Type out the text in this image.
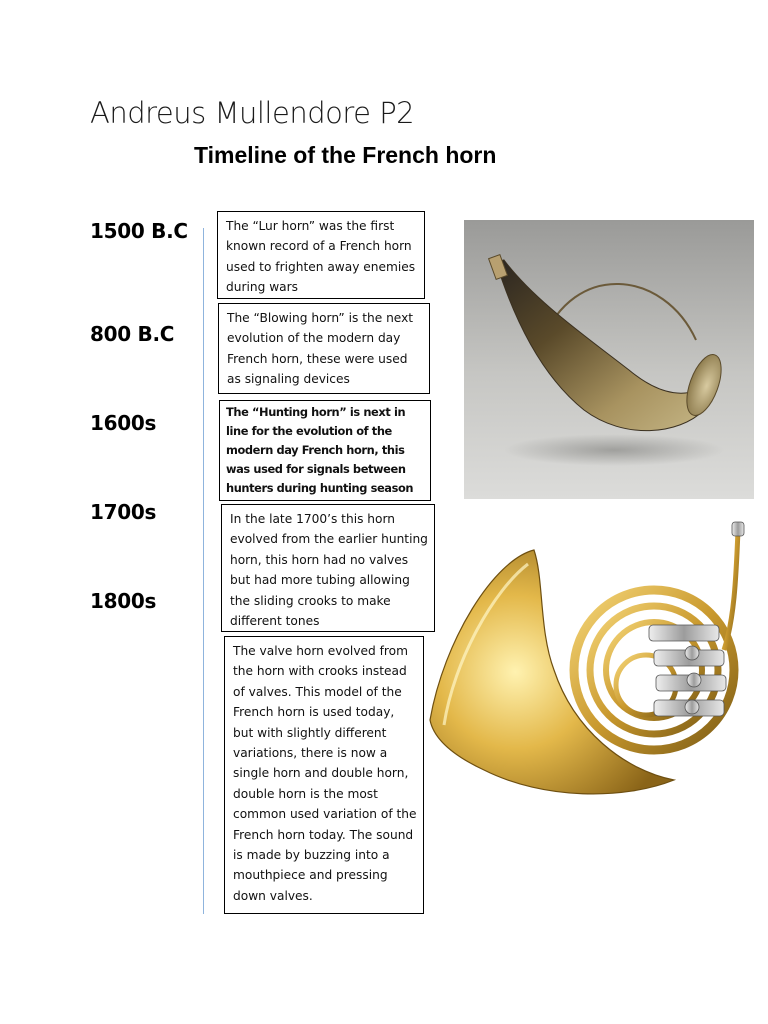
Andreus Mullendore P2
Timeline of the French horn
1500 B.C
800 B.C
1600s
1700s
1800s
The “Lur horn” was the first known record of a French horn used to frighten away enemies during wars
The “Blowing horn” is the next evolution of the modern day French horn, these were used as signaling devices
The “Hunting horn” is next in line for the evolution of the modern day French horn, this was used for signals between hunters during hunting season
In the late 1700’s this horn evolved from the earlier hunting horn, this horn had no valves but had more tubing allowing the sliding crooks to make different tones
The valve horn evolved from the horn with crooks instead of valves. This model of the French horn is used today, but with slightly different variations, there is now a single horn and double horn, double horn is the most common used variation of the French horn today. The sound is made by buzzing into a mouthpiece and pressing down valves.
